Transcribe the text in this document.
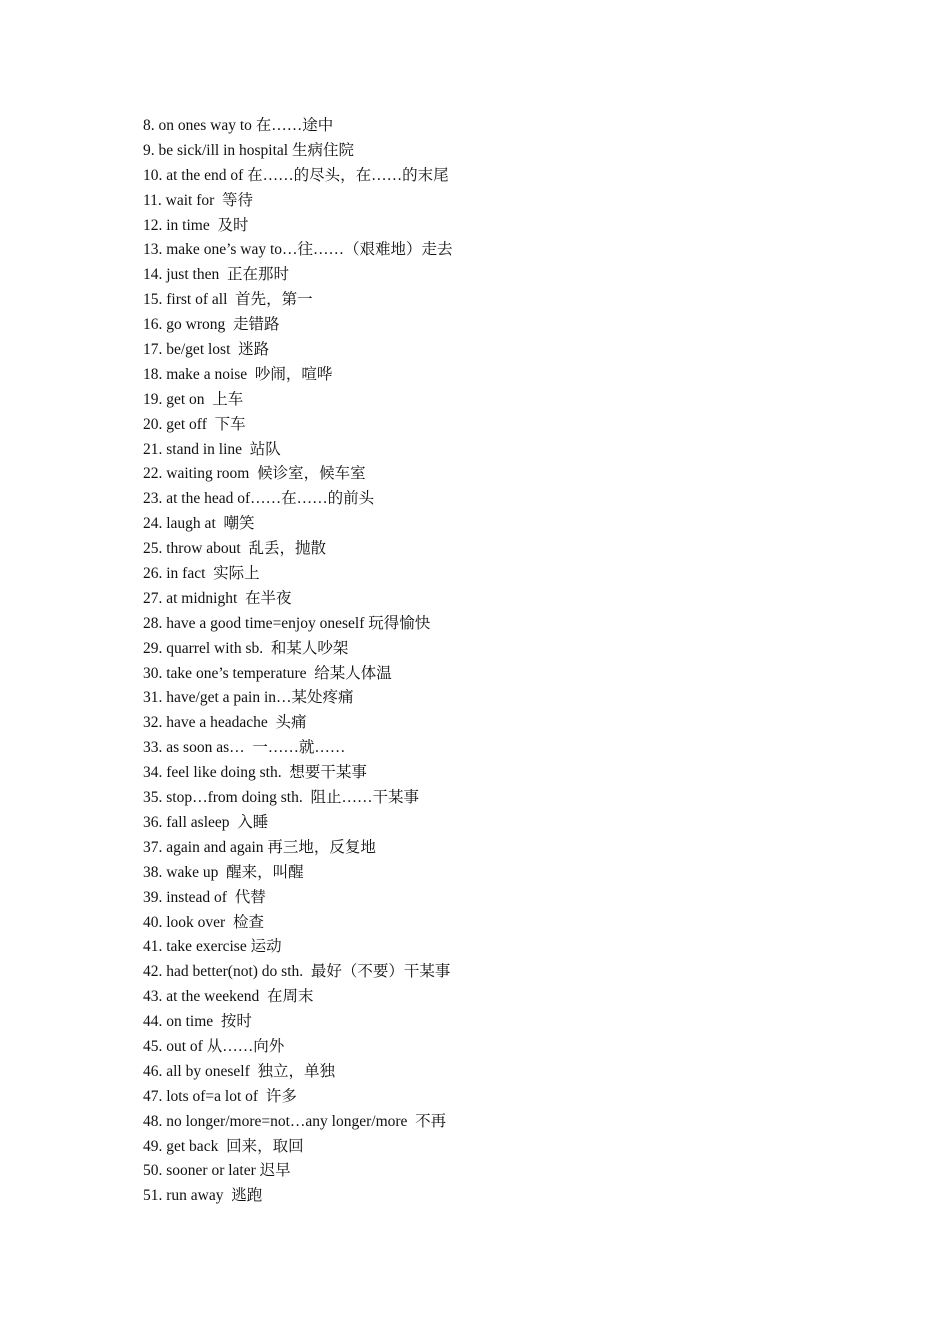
8. on ones way to 在……途中
9. be sick/ill in hospital 生病住院
10. at the end of 在……的尽头，在……的末尾
11. wait for  等待
12. in time  及时
13. make one’s way to…往……（艰难地）走去
14. just then  正在那时
15. first of all  首先，第一
16. go wrong  走错路
17. be/get lost  迷路
18. make a noise  吵闹，喧哗
19. get on  上车
20. get off  下车
21. stand in line  站队
22. waiting room  候诊室，候车室
23. at the head of……在……的前头
24. laugh at  嘲笑
25. throw about  乱丢，抛散
26. in fact  实际上
27. at midnight  在半夜
28. have a good time=enjoy oneself 玩得愉快
29. quarrel with sb.  和某人吵架
30. take one’s temperature  给某人体温
31. have/get a pain in…某处疼痛
32. have a headache  头痛
33. as soon as…  一……就……
34. feel like doing sth.  想要干某事
35. stop…from doing sth.  阻止……干某事
36. fall asleep  入睡
37. again and again 再三地，反复地
38. wake up  醒来，叫醒
39. instead of  代替
40. look over  检查
41. take exercise 运动
42. had better(not) do sth.  最好（不要）干某事
43. at the weekend  在周末
44. on time  按时
45. out of 从……向外
46. all by oneself  独立，单独
47. lots of=a lot of  许多
48. no longer/more=not…any longer/more  不再
49. get back  回来，取回
50. sooner or later 迟早
51. run away  逃跑
